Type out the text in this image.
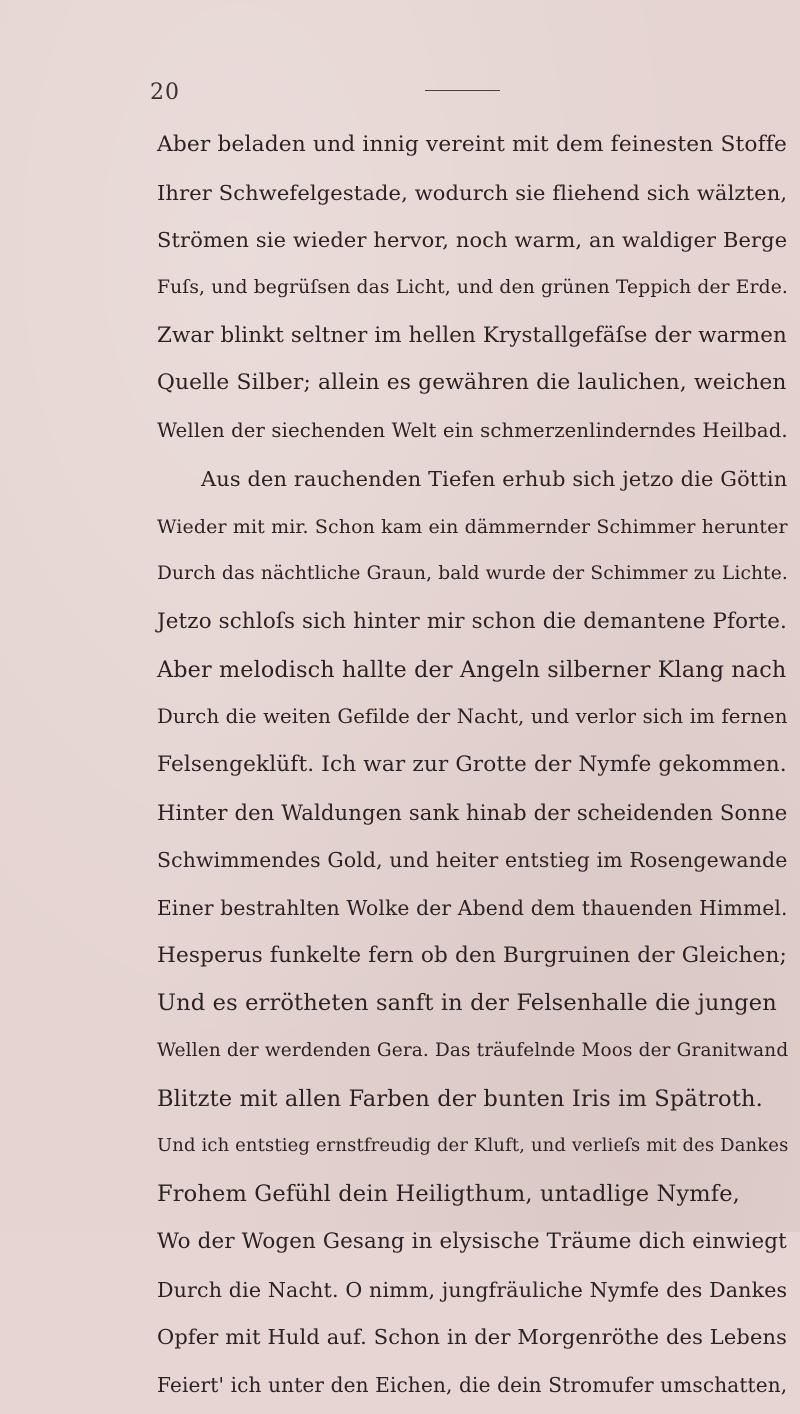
20
Aber beladen und innig vereint mit dem feinesten Stoffe
Ihrer Schwefelgestade, wodurch sie fliehend sich wälzten,
Strömen sie wieder hervor, noch warm, an waldiger Berge
Fuſs, und begrüſsen das Licht, und den grünen Teppich der Erde.
Zwar blinkt seltner im hellen Krystallgefäſse der warmen
Quelle Silber; allein es gewähren die laulichen, weichen
Wellen der siechenden Welt ein schmerzenlinderndes Heilbad.
Aus den rauchenden Tiefen erhub sich jetzo die Göttin
Wieder mit mir. Schon kam ein dämmernder Schimmer herunter
Durch das nächtliche Graun, bald wurde der Schimmer zu Lichte.
Jetzo schloſs sich hinter mir schon die demantene Pforte.
Aber melodisch hallte der Angeln silberner Klang nach
Durch die weiten Gefilde der Nacht, und verlor sich im fernen
Felsengeklüft. Ich war zur Grotte der Nymfe gekommen.
Hinter den Waldungen sank hinab der scheidenden Sonne
Schwimmendes Gold, und heiter entstieg im Rosengewande
Einer bestrahlten Wolke der Abend dem thauenden Himmel.
Hesperus funkelte fern ob den Burgruinen der Gleichen;
Und es errötheten sanft in der Felsenhalle die jungen
Wellen der werdenden Gera. Das träufelnde Moos der Granitwand
Blitzte mit allen Farben der bunten Iris im Spätroth.
Und ich entstieg ernstfreudig der Kluft, und verlieſs mit des Dankes
Frohem Gefühl dein Heiligthum, untadlige Nymfe,
Wo der Wogen Gesang in elysische Träume dich einwiegt
Durch die Nacht. O nimm, jungfräuliche Nymfe des Dankes
Opfer mit Huld auf. Schon in der Morgenröthe des Lebens
Feiert' ich unter den Eichen, die dein Stromufer umschatten,
